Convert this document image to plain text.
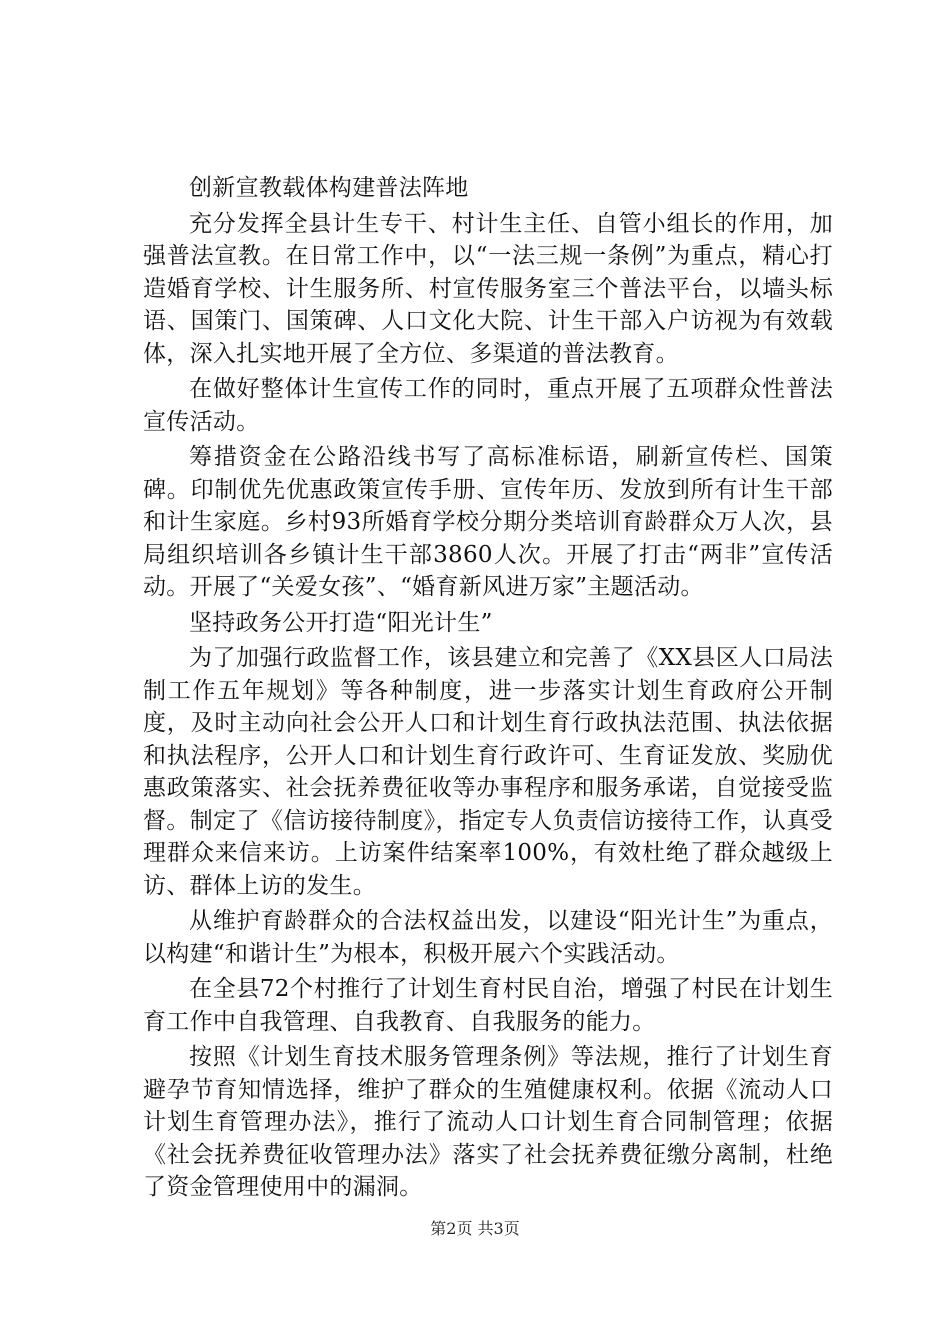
创新宣教载体构建普法阵地

充分发挥全县计生专干、村计生主任、自管小组长的作用，加强普法宣教。在日常工作中，以“一法三规一条例”为重点，精心打造婚育学校、计生服务所、村宣传服务室三个普法平台，以墙头标语、国策门、国策碑、人口文化大院、计生干部入户访视为有效载体，深入扎实地开展了全方位、多渠道的普法教育。

在做好整体计生宣传工作的同时，重点开展了五项群众性普法宣传活动。

筹措资金在公路沿线书写了高标准标语，刷新宣传栏、国策碑。印制优先优惠政策宣传手册、宣传年历、发放到所有计生干部和计生家庭。乡村93所婚育学校分期分类培训育龄群众万人次，县局组织培训各乡镇计生干部3860人次。开展了打击“两非”宣传活动。开展了“关爱女孩”、“婚育新风进万家”主题活动。

坚持政务公开打造“阳光计生”

为了加强行政监督工作，该县建立和完善了《XX县区人口局法制工作五年规划》等各种制度，进一步落实计划生育政府公开制度，及时主动向社会公开人口和计划生育行政执法范围、执法依据和执法程序，公开人口和计划生育行政许可、生育证发放、奖励优惠政策落实、社会抚养费征收等办事程序和服务承诺，自觉接受监督。制定了《信访接待制度》，指定专人负责信访接待工作，认真受理群众来信来访。上访案件结案率100%，有效杜绝了群众越级上访、群体上访的发生。

从维护育龄群众的合法权益出发，以建设“阳光计生”为重点，以构建“和谐计生”为根本，积极开展六个实践活动。

在全县72个村推行了计划生育村民自治，增强了村民在计划生育工作中自我管理、自我教育、自我服务的能力。

按照《计划生育技术服务管理条例》等法规，推行了计划生育避孕节育知情选择，维护了群众的生殖健康权利。依据《流动人口计划生育管理办法》，推行了流动人口计划生育合同制管理；依据《社会抚养费征收管理办法》落实了社会抚养费征缴分离制，杜绝了资金管理使用中的漏洞。

第2页 共3页
